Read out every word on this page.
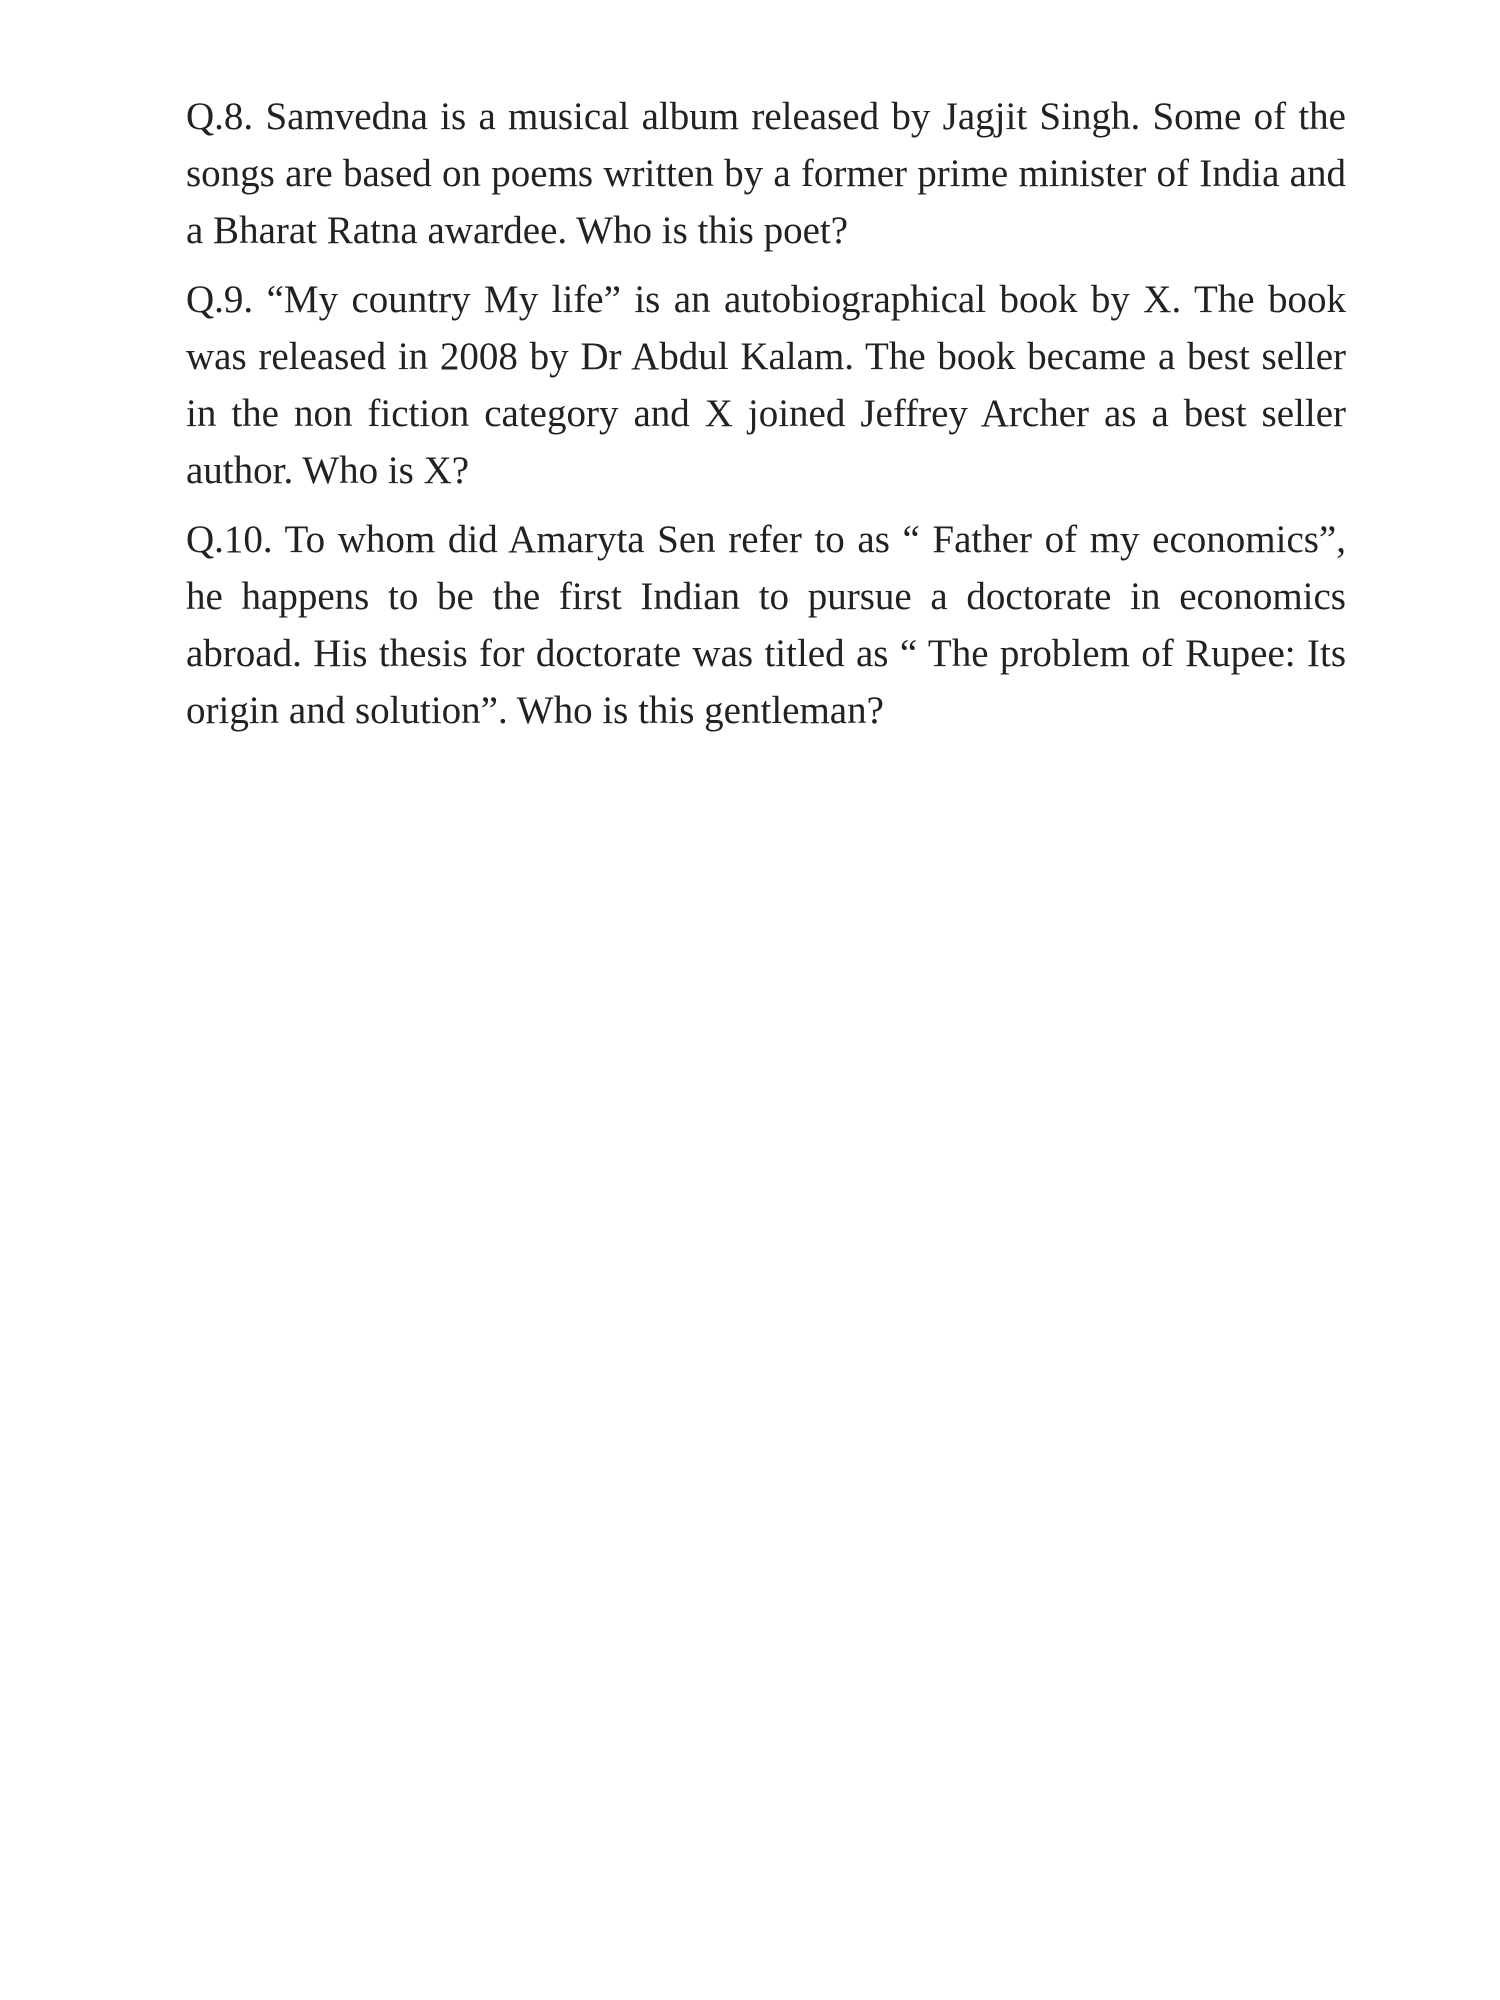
Q.8. Samvedna is a musical album released by Jagjit Singh. Some of the songs are based on poems written by a former prime minister of India and a Bharat Ratna awardee. Who is this poet?

Q.9. “My country My life” is an autobiographical book by X. The book was released in 2008 by Dr Abdul Kalam. The book became a best seller in the non fiction category and X joined Jeffrey Archer as a best seller author. Who is X?

Q.10. To whom did Amaryta Sen refer to as “ Father of my economics”, he happens to be the first Indian to pursue a doctorate in economics abroad. His thesis for doctorate was titled as “ The problem of Rupee: Its origin and solution”. Who is this gentleman?
